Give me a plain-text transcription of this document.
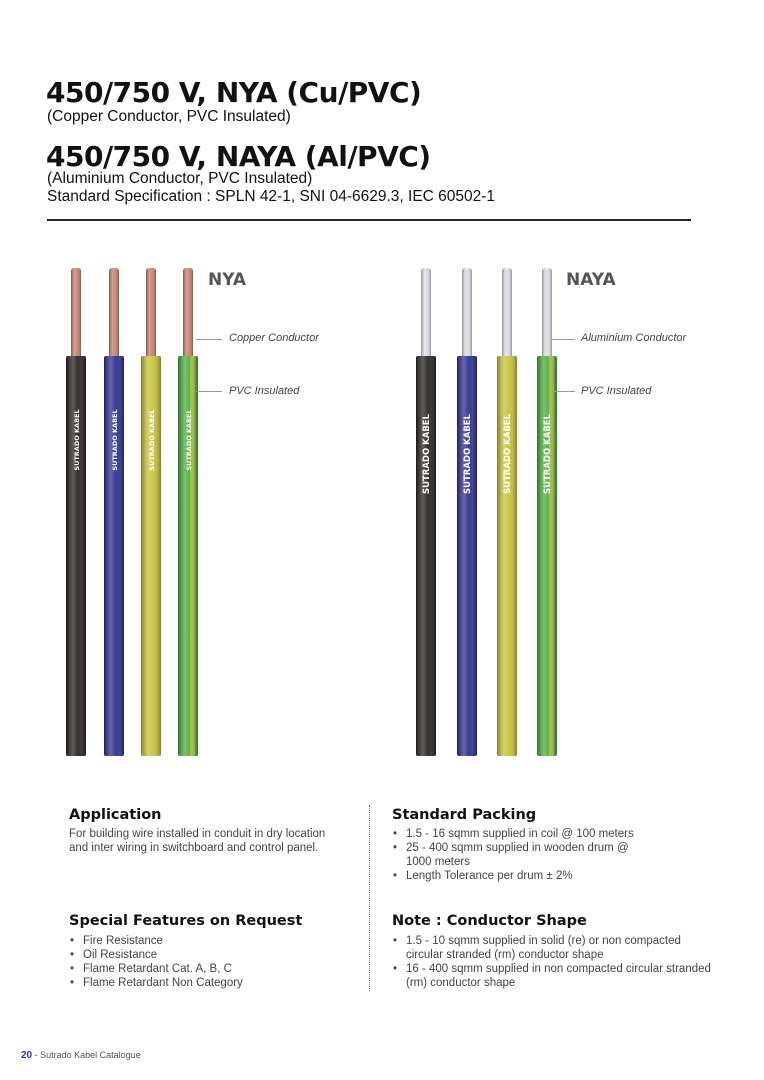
450/750 V, NYA (Cu/PVC)
(Copper Conductor, PVC Insulated)
450/750 V, NAYA (Al/PVC)
(Aluminium Conductor, PVC Insulated)
Standard Specification : SPLN 42-1, SNI 04-6629.3, IEC 60502-1
SUTRADO KABEL	SUTRADO KABEL	SUTRADO KABEL	SUTRADO KABEL	SUTRADO KABEL	SUTRADO KABEL	SUTRADO KABEL	SUTRADO KABEL
NYA	NAYA
Copper Conductor
PVC Insulated
Aluminium Conductor
PVC Insulated
Application
For building wire installed in conduit in dry location and inter wiring in switchboard and control panel.
Standard Packing
• 1.5 - 16 sqmm supplied in coil @ 100 meters
• 25 - 400 sqmm supplied in wooden drum @ 1000 meters
• Length Tolerance per drum ± 2%
Special Features on Request
• Fire Resistance
• Oil Resistance
• Flame Retardant Cat. A, B, C
• Flame Retardant Non Category
Note : Conductor Shape
• 1.5 - 10 sqmm supplied in solid (re) or non compacted circular stranded (rm) conductor shape
• 16 - 400 sqmm supplied in non compacted circular stranded (rm) conductor shape
20 - Sutrado Kabel Catalogue
